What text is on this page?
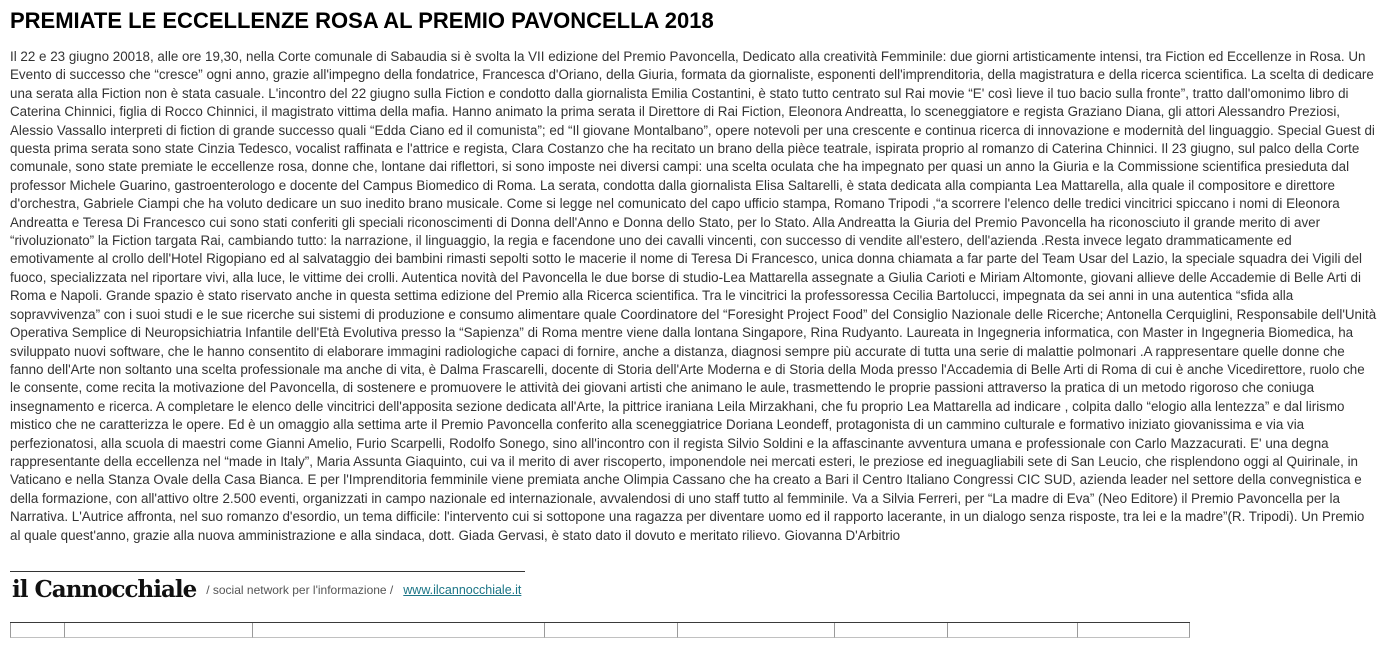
PREMIATE LE ECCELLENZE ROSA AL PREMIO PAVONCELLA 2018

Il 22 e 23 giugno 20018, alle ore 19,30, nella Corte comunale di Sabaudia si è svolta la VII edizione del Premio Pavoncella, Dedicato alla creatività Femminile: due giorni artisticamente intensi, tra Fiction ed Eccellenze in Rosa. Un Evento di successo che “cresce” ogni anno, grazie all'impegno della fondatrice, Francesca d'Oriano, della Giuria, formata da giornaliste, esponenti dell'imprenditoria, della magistratura e della ricerca scientifica. La scelta di dedicare una serata alla Fiction non è stata casuale. L'incontro del 22 giugno sulla Fiction e condotto dalla giornalista Emilia Costantini, è stato tutto centrato sul Rai movie “E' così lieve il tuo bacio sulla fronte”, tratto dall'omonimo libro di Caterina Chinnici, figlia di Rocco Chinnici, il magistrato vittima della mafia. Hanno animato la prima serata il Direttore di Rai Fiction, Eleonora Andreatta, lo sceneggiatore e regista Graziano Diana, gli attori Alessandro Preziosi, Alessio Vassallo interpreti di fiction di grande successo quali “Edda Ciano ed il comunista”; ed “Il giovane Montalbano”, opere notevoli per una crescente e continua ricerca di innovazione e modernità del linguaggio. Special Guest di questa prima serata sono state Cinzia Tedesco, vocalist raffinata e l'attrice e regista, Clara Costanzo che ha recitato un brano della pièce teatrale, ispirata proprio al romanzo di Caterina Chinnici. Il 23 giugno, sul palco della Corte comunale, sono state premiate le eccellenze rosa, donne che, lontane dai riflettori, si sono imposte nei diversi campi: una scelta oculata che ha impegnato per quasi un anno la Giuria e la Commissione scientifica presieduta dal professor Michele Guarino, gastroenterologo e docente del Campus Biomedico di Roma. La serata, condotta dalla giornalista Elisa Saltarelli, è stata dedicata alla compianta Lea Mattarella, alla quale il compositore e direttore d'orchestra, Gabriele Ciampi che ha voluto dedicare un suo inedito brano musicale. Come si legge nel comunicato del capo ufficio stampa, Romano Tripodi ,“a scorrere l'elenco delle tredici vincitrici spiccano i nomi di Eleonora Andreatta e Teresa Di Francesco cui sono stati conferiti gli speciali riconoscimenti di Donna dell'Anno e Donna dello Stato, per lo Stato. Alla Andreatta la Giuria del Premio Pavoncella ha riconosciuto il grande merito di aver “rivoluzionato” la Fiction targata Rai, cambiando tutto: la narrazione, il linguaggio, la regia e facendone uno dei cavalli vincenti, con successo di vendite all'estero, dell'azienda .Resta invece legato drammaticamente ed emotivamente al crollo dell'Hotel Rigopiano ed al salvataggio dei bambini rimasti sepolti sotto le macerie il nome di Teresa Di Francesco, unica donna chiamata a far parte del Team Usar del Lazio, la speciale squadra dei Vigili del fuoco, specializzata nel riportare vivi, alla luce, le vittime dei crolli. Autentica novità del Pavoncella le due borse di studio-Lea Mattarella assegnate a Giulia Carioti e Miriam Altomonte, giovani allieve delle Accademie di Belle Arti di Roma e Napoli. Grande spazio è stato riservato anche in questa settima edizione del Premio alla Ricerca scientifica. Tra le vincitrici la professoressa Cecilia Bartolucci, impegnata da sei anni in una autentica “sfida alla sopravvivenza” con i suoi studi e le sue ricerche sui sistemi di produzione e consumo alimentare quale Coordinatore del “Foresight Project Food” del Consiglio Nazionale delle Ricerche; Antonella Cerquiglini, Responsabile dell'Unità Operativa Semplice di Neuropsichiatria Infantile dell'Età Evolutiva presso la “Sapienza” di Roma mentre viene dalla lontana Singapore, Rina Rudyanto. Laureata in Ingegneria informatica, con Master in Ingegneria Biomedica, ha sviluppato nuovi software, che le hanno consentito di elaborare immagini radiologiche capaci di fornire, anche a distanza, diagnosi sempre più accurate di tutta una serie di malattie polmonari .A rappresentare quelle donne che fanno dell'Arte non soltanto una scelta professionale ma anche di vita, è Dalma Frascarelli, docente di Storia dell'Arte Moderna e di Storia della Moda presso l'Accademia di Belle Arti di Roma di cui è anche Vicedirettore, ruolo che le consente, come recita la motivazione del Pavoncella, di sostenere e promuovere le attività dei giovani artisti che animano le aule, trasmettendo le proprie passioni attraverso la pratica di un metodo rigoroso che coniuga insegnamento e ricerca. A completare le elenco delle vincitrici dell'apposita sezione dedicata all'Arte, la pittrice iraniana Leila Mirzakhani, che fu proprio Lea Mattarella ad indicare , colpita dallo “elogio alla lentezza” e dal lirismo mistico che ne caratterizza le opere. Ed è un omaggio alla settima arte il Premio Pavoncella conferito alla sceneggiatrice Doriana Leondeff, protagonista di un cammino culturale e formativo iniziato giovanissima e via via perfezionatosi, alla scuola di maestri come Gianni Amelio, Furio Scarpelli, Rodolfo Sonego, sino all'incontro con il regista Silvio Soldini e la affascinante avventura umana e professionale con Carlo Mazzacurati. E' una degna rappresentante della eccellenza nel “made in Italy”, Maria Assunta Giaquinto, cui va il merito di aver riscoperto, imponendole nei mercati esteri, le preziose ed ineguagliabili sete di San Leucio, che risplendono oggi al Quirinale, in Vaticano e nella Stanza Ovale della Casa Bianca. E per l'Imprenditoria femminile viene premiata anche Olimpia Cassano che ha creato a Bari il Centro Italiano Congressi CIC SUD, azienda leader nel settore della convegnistica e della formazione, con all'attivo oltre 2.500 eventi, organizzati in campo nazionale ed internazionale, avvalendosi di uno staff tutto al femminile. Va a Silvia Ferreri, per “La madre di Eva” (Neo Editore) il Premio Pavoncella per la Narrativa. L'Autrice affronta, nel suo romanzo d'esordio, un tema difficile: l'intervento cui si sottopone una ragazza per diventare uomo ed il rapporto lacerante, in un dialogo senza risposte, tra lei e la madre”(R. Tripodi). Un Premio al quale quest'anno, grazie alla nuova amministrazione e alla sindaca, dott. Giada Gervasi, è stato dato il dovuto e meritato rilievo. Giovanna D'Arbitrio

il Cannocchiale / social network per l'informazione / www.ilcannocchiale.it
